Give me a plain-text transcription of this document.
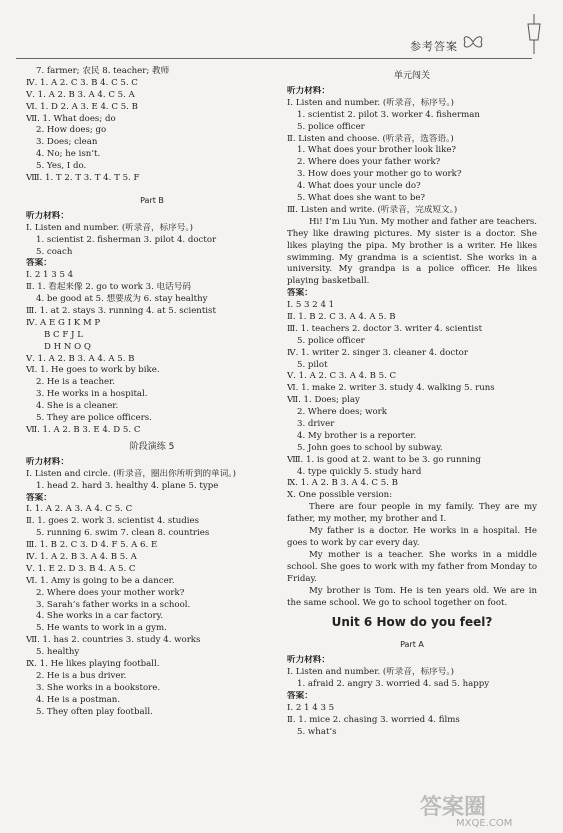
参考答案
7. farmer; 农民 8. teacher; 教师
Ⅳ. 1. A 2. C 3. B 4. C 5. C
Ⅴ. 1. A 2. B 3. A 4. C 5. A
Ⅵ. 1. D 2. A 3. E 4. C 5. B
Ⅶ. 1. What does; do
2. How does; go
3. Does; clean
4. No; he isn’t.
5. Yes, I do.
Ⅷ. 1. T 2. T 3. T 4. T 5. F
Part B
听力材料：
Ⅰ. Listen and number. (听录音，标序号。)
1. scientist 2. fisherman 3. pilot 4. doctor
5. coach
答案：
Ⅰ. 2 1 3 5 4
Ⅱ. 1. 看起来像 2. go to work 3. 电话号码
4. be good at 5. 想要成为 6. stay healthy
Ⅲ. 1. at 2. stays 3. running 4. at 5. scientist
Ⅳ. A E G I K M P
B C F J L
D H N O Q
Ⅴ. 1. A 2. B 3. A 4. A 5. B
Ⅵ. 1. He goes to work by bike.
2. He is a teacher.
3. He works in a hospital.
4. She is a cleaner.
5. They are police officers.
Ⅶ. 1. A 2. B 3. E 4. D 5. C
阶段演练 5
听力材料：
Ⅰ. Listen and circle. (听录音，圈出你所听到的单词。)
1. head 2. hard 3. healthy 4. plane 5. type
答案：
Ⅰ. 1. A 2. A 3. A 4. C 5. C
Ⅱ. 1. goes 2. work 3. scientist 4. studies
5. running 6. swim 7. clean 8. countries
Ⅲ. 1. B 2. C 3. D 4. F 5. A 6. E
Ⅳ. 1. A 2. B 3. A 4. B 5. A
Ⅴ. 1. E 2. D 3. B 4. A 5. C
Ⅵ. 1. Amy is going to be a dancer.
2. Where does your mother work?
3. Sarah’s father works in a school.
4. She works in a car factory.
5. He wants to work in a gym.
Ⅶ. 1. has 2. countries 3. study 4. works
5. healthy
Ⅸ. 1. He likes playing football.
2. He is a bus driver.
3. She works in a bookstore.
4. He is a postman.
5. They often play football.
单元闯关
听力材料：
Ⅰ. Listen and number. (听录音，标序号。)
1. scientist 2. pilot 3. worker 4. fisherman
5. police officer
Ⅱ. Listen and choose. (听录音，选答语。)
1. What does your brother look like?
2. Where does your father work?
3. How does your mother go to work?
4. What does your uncle do?
5. What does she want to be?
Ⅲ. Listen and write. (听录音，完成短文。)
Hi! I’m Liu Yun. My mother and father are teachers. They like drawing pictures. My sister is a doctor. She likes playing the pipa. My brother is a writer. He likes swimming. My grandma is a scientist. She works in a university. My grandpa is a police officer. He likes playing basketball.
答案：
Ⅰ. 5 3 2 4 1
Ⅱ. 1. B 2. C 3. A 4. A 5. B
Ⅲ. 1. teachers 2. doctor 3. writer 4. scientist
5. police officer
Ⅳ. 1. writer 2. singer 3. cleaner 4. doctor
5. pilot
Ⅴ. 1. A 2. C 3. A 4. B 5. C
Ⅵ. 1. make 2. writer 3. study 4. walking 5. runs
Ⅶ. 1. Does; play
2. Where does; work
3. driver
4. My brother is a reporter.
5. John goes to school by subway.
Ⅷ. 1. is good at 2. want to be 3. go running
4. type quickly 5. study hard
Ⅸ. 1. A 2. B 3. A 4. C 5. B
Ⅹ. One possible version:
There are four people in my family. They are my father, my mother, my brother and I.
My father is a doctor. He works in a hospital. He goes to work by car every day.
My mother is a teacher. She works in a middle school. She goes to work with my father from Monday to Friday.
My brother is Tom. He is ten years old. We are in the same school. We go to school together on foot.
Unit 6 How do you feel?
Part A
听力材料：
Ⅰ. Listen and number. (听录音，标序号。)
1. afraid 2. angry 3. worried 4. sad 5. happy
答案：
Ⅰ. 2 1 4 3 5
Ⅱ. 1. mice 2. chasing 3. worried 4. films
5. what’s
答案圈
MXQE.COM
